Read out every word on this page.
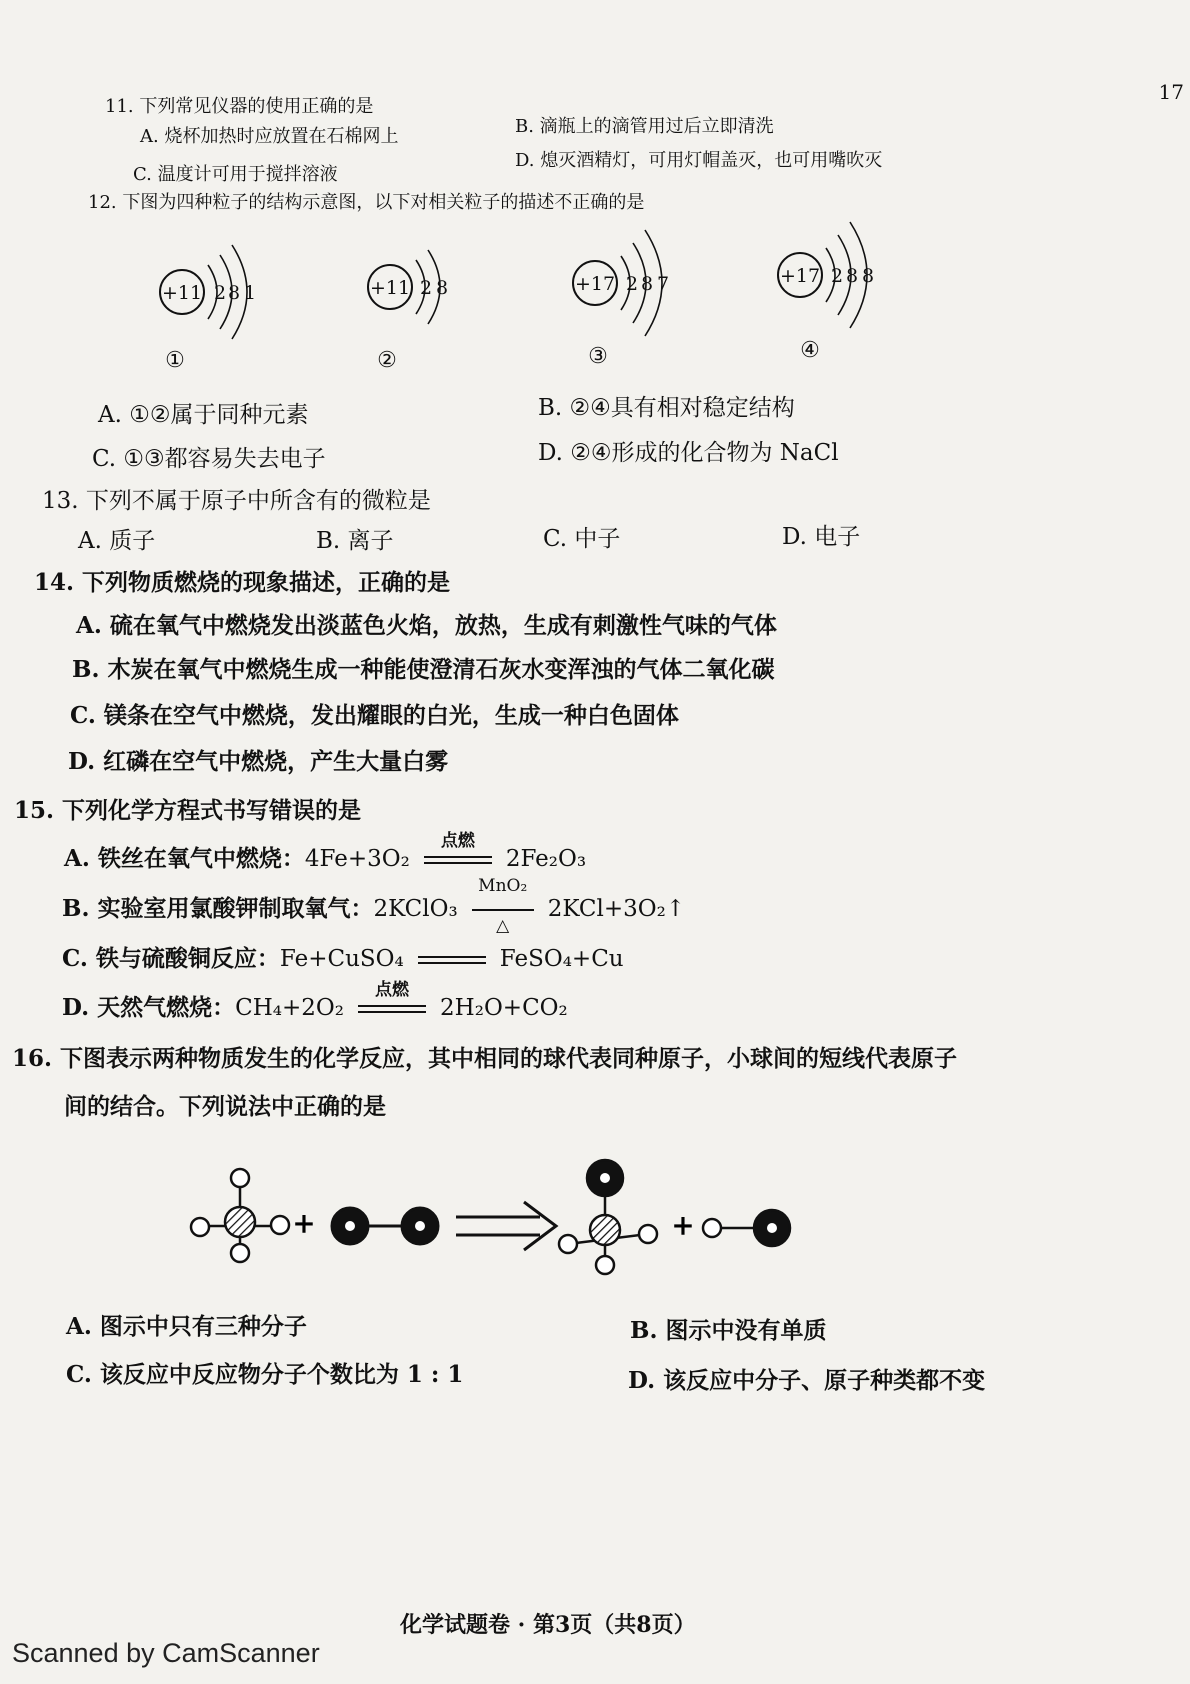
17
11. 下列常见仪器的使用正确的是
A. 烧杯加热时应放置在石棉网上	B. 滴瓶上的滴管用过后立即清洗
C. 温度计可用于搅拌溶液
D. 熄灭酒精灯，可用灯帽盖灭，也可用嘴吹灭
12. 下图为四种粒子的结构示意图，以下对相关粒子的描述不正确的是
+11 2 8 1
①
+11 2 8
②
+17 2 8 7
③
+17 2 8 8
④
A. ①②属于同种元素	B. ②④具有相对稳定结构
C. ①③都容易失去电子	D. ②④形成的化合物为 NaCl
13. 下列不属于原子中所含有的微粒是
A. 质子	B. 离子	C. 中子	D. 电子
14. 下列物质燃烧的现象描述，正确的是
A. 硫在氧气中燃烧发出淡蓝色火焰，放热，生成有刺激性气味的气体
B. 木炭在氧气中燃烧生成一种能使澄清石灰水变浑浊的气体二氧化碳
C. 镁条在空气中燃烧，发出耀眼的白光，生成一种白色固体
D. 红磷在空气中燃烧，产生大量白雾
15. 下列化学方程式书写错误的是
A. 铁丝在氧气中燃烧：4Fe+3O₂
点燃
2Fe₂O₃
B. 实验室用氯酸钾制取氧气：2KClO₃
MnO₂
△
2KCl+3O₂↑
C. 铁与硫酸铜反应：Fe+CuSO₄	FeSO₄+Cu
D. 天然气燃烧：CH₄+2O₂
点燃
2H₂O+CO₂
16. 下图表示两种物质发生的化学反应，其中相同的球代表同种原子，小球间的短线代表原子
间的结合。下列说法中正确的是
+	+
A. 图示中只有三种分子	B. 图示中没有单质
C. 该反应中反应物分子个数比为 1 : 1	D. 该反应中分子、原子种类都不变
化学试题卷 · 第3页（共8页）
Scanned by CamScanner
